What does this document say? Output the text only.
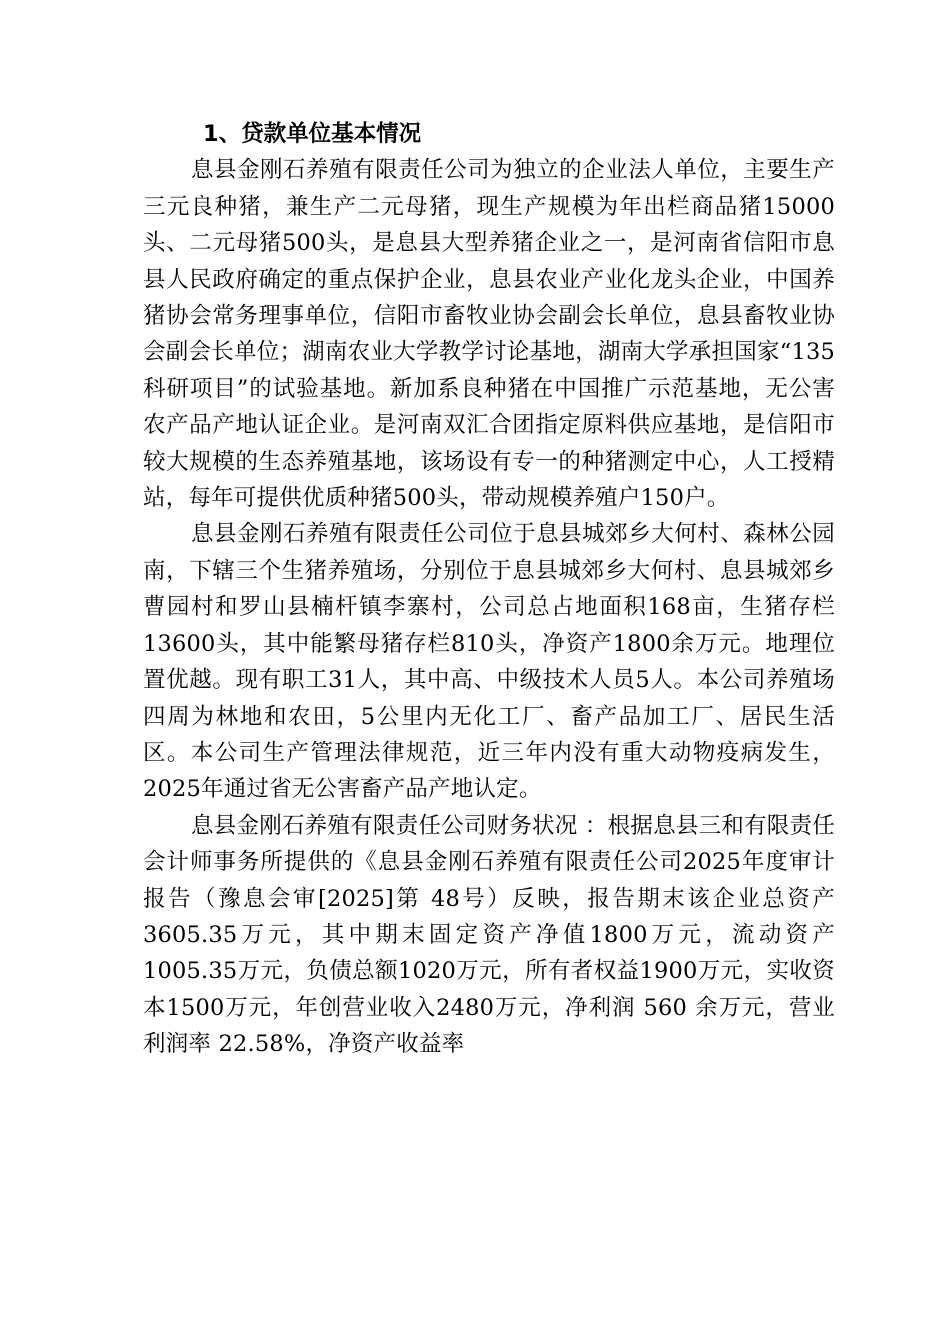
1、贷款单位基本情况

息县金刚石养殖有限责任公司为独立的企业法人单位，主要生产三元良种猪，兼生产二元母猪，现生产规模为年出栏商品猪15000头、二元母猪500头，是息县大型养猪企业之一，是河南省信阳市息县人民政府确定的重点保护企业，息县农业产业化龙头企业，中国养猪协会常务理事单位，信阳市畜牧业协会副会长单位，息县畜牧业协会副会长单位；湖南农业大学教学讨论基地，湖南大学承担国家“135科研项目”的试验基地。新加系良种猪在中国推广示范基地，无公害农产品产地认证企业。是河南双汇合团指定原料供应基地，是信阳市较大规模的生态养殖基地，该场设有专一的种猪测定中心，人工授精站，每年可提供优质种猪500头，带动规模养殖户150户。

息县金刚石养殖有限责任公司位于息县城郊乡大何村、森林公园南，下辖三个生猪养殖场，分别位于息县城郊乡大何村、息县城郊乡曹园村和罗山县楠杆镇李寨村，公司总占地面积168亩，生猪存栏13600头，其中能繁母猪存栏810头，净资产1800余万元。地理位置优越。现有职工31人，其中高、中级技术人员5人。本公司养殖场四周为林地和农田，5公里内无化工厂、畜产品加工厂、居民生活区。本公司生产管理法律规范，近三年内没有重大动物疫病发生，2025年通过省无公害畜产品产地认定。

息县金刚石养殖有限责任公司财务状况 ：根据息县三和有限责任会计师事务所提供的《息县金刚石养殖有限责任公司2025年度审计报告（豫息会审[2025]第 48号）反映，报告期末该企业总资产 3605.35万元，其中期末固定资产净值1800万元，流动资产1005.35万元，负债总额1020万元，所有者权益1900万元，实收资本1500万元，年创营业收入2480万元，净利润 560 余万元，营业利润率 22.58%，净资产收益率
